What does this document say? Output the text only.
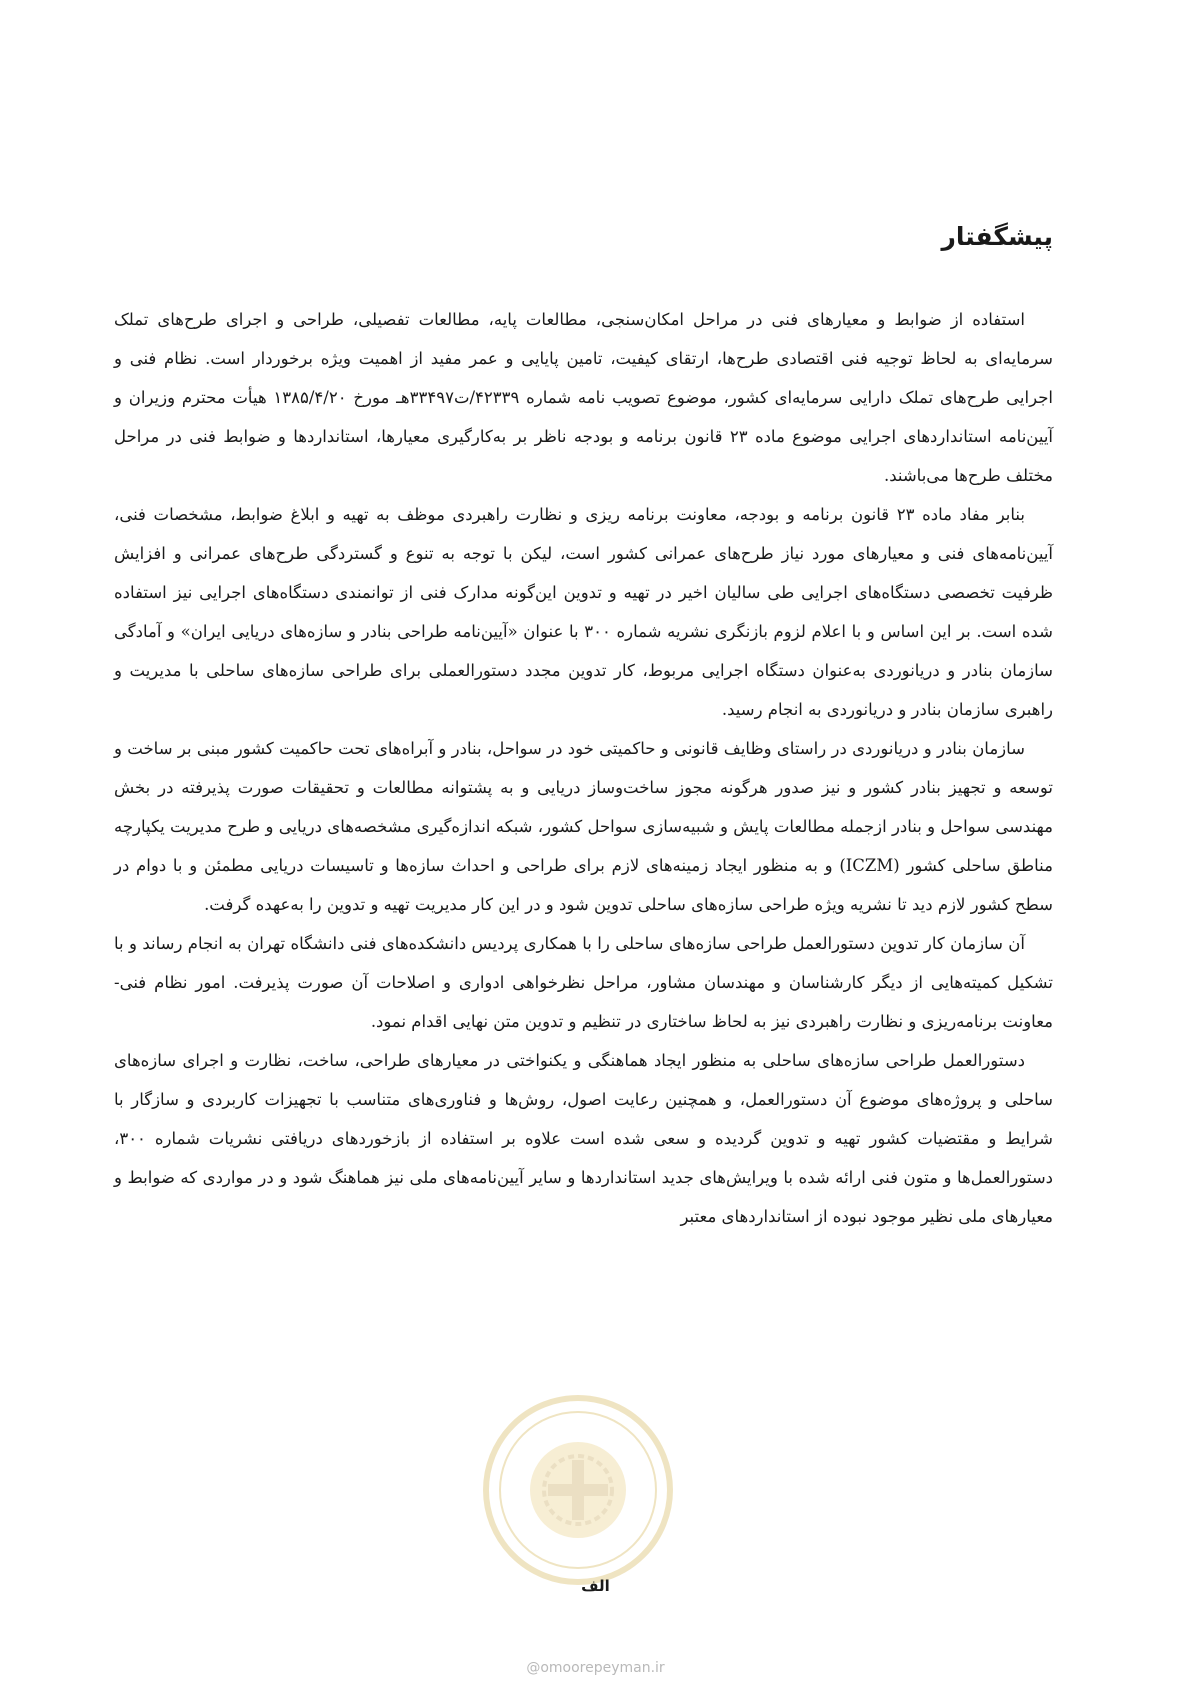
پیشگفتار

استفاده از ضوابط و معیارهای فنی در مراحل امکان‌سنجی، مطالعات پایه، مطالعات تفصیلی، طراحی و اجرای طرح‌های تملک سرمایه‌ای به لحاظ توجیه فنی اقتصادی طرح‌ها، ارتقای کیفیت، تامین پایایی و عمر مفید از اهمیت ویژه برخوردار است. نظام فنی و اجرایی طرح‌های تملک دارایی سرمایه‌ای کشور، موضوع تصویب نامه شماره ۴۲۳۳۹/ت۳۳۴۹۷هـ مورخ ۱۳۸۵/۴/۲۰ هیأت محترم وزیران و آیین‌نامه استانداردهای اجرایی موضوع ماده ۲۳ قانون برنامه و بودجه ناظر بر به‌کارگیری معیارها، استانداردها و ضوابط فنی در مراحل مختلف طرح‌ها می‌باشند.

بنابر مفاد ماده ۲۳ قانون برنامه و بودجه، معاونت برنامه ریزی و نظارت راهبردی موظف به تهیه و ابلاغ ضوابط، مشخصات فنی، آیین‌نامه‌های فنی و معیارهای مورد نیاز طرح‌های عمرانی کشور است، لیکن با توجه به تنوع و گستردگی طرح‌های عمرانی و افزایش ظرفیت تخصصی دستگاه‌های اجرایی طی سالیان اخیر در تهیه و تدوین این‌گونه مدارک فنی از توانمندی دستگاه‌های اجرایی نیز استفاده شده است. بر این اساس و با اعلام لزوم بازنگری نشریه شماره ۳۰۰ با عنوان «آیین‌نامه طراحی بنادر و سازه‌های دریایی ایران» و آمادگی سازمان بنادر و دریانوردی به‌عنوان دستگاه اجرایی مربوط، کار تدوین مجدد دستورالعملی برای طراحی سازه‌های ساحلی با مدیریت و راهبری سازمان بنادر و دریانوردی به انجام رسید.

سازمان بنادر و دریانوردی در راستای وظایف قانونی و حاکمیتی خود در سواحل، بنادر و آبراه‌های تحت حاکمیت کشور مبنی بر ساخت و توسعه و تجهیز بنادر کشور و نیز صدور هرگونه مجوز ساخت‌وساز دریایی و به پشتوانه مطالعات و تحقیقات صورت پذیرفته در بخش مهندسی سواحل و بنادر ازجمله مطالعات پایش و شبیه‌سازی سواحل کشور، شبکه اندازه‌گیری مشخصه‌های دریایی و طرح مدیریت یکپارچه مناطق ساحلی کشور (ICZM) و به منظور ایجاد زمینه‌های لازم برای طراحی و احداث سازه‌ها و تاسیسات دریایی مطمئن و با دوام در سطح کشور لازم دید تا نشریه ویژه طراحی سازه‌های ساحلی تدوین شود و در این کار مدیریت تهیه و تدوین را به‌عهده گرفت.

آن سازمان کار تدوین دستورالعمل طراحی سازه‌های ساحلی را با همکاری پردیس دانشکده‌های فنی دانشگاه تهران به انجام رساند و با تشکیل کمیته‌هایی از دیگر کارشناسان و مهندسان مشاور، مراحل نظرخواهی ادواری و اصلاحات آن صورت پذیرفت. امور نظام فنی- معاونت برنامه‌ریزی و نظارت راهبردی نیز به لحاظ ساختاری در تنظیم و تدوین متن نهایی اقدام نمود.

دستورالعمل طراحی سازه‌های ساحلی به منظور ایجاد هماهنگی و یکنواختی در معیارهای طراحی، ساخت، نظارت و اجرای سازه‌های ساحلی و پروژه‌های موضوع آن دستورالعمل، و همچنین رعایت اصول، روش‌ها و فناوری‌های متناسب با تجهیزات کاربردی و سازگار با شرایط و مقتضیات کشور تهیه و تدوین گردیده و سعی شده است علاوه بر استفاده از بازخوردهای دریافتی نشریات شماره ۳۰۰، دستورالعمل‌ها و متون فنی ارائه شده با ویرایش‌های جدید استانداردها و سایر آیین‌نامه‌های ملی نیز هماهنگ شود و در مواردی که ضوابط و معیارهای ملی نظیر موجود نبوده از استانداردهای معتبر

الف
@omoorepeyman.ir
